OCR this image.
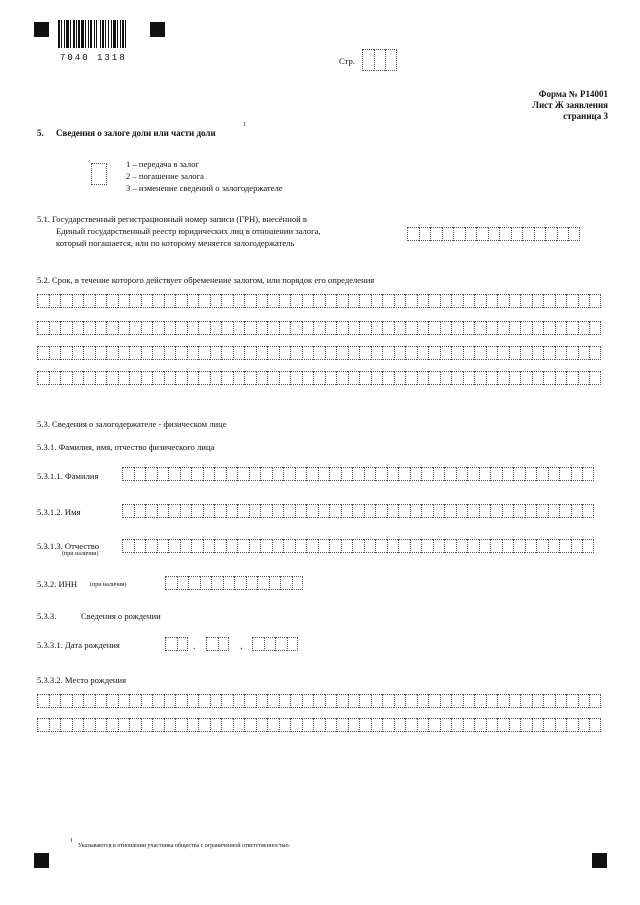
7040 1318	Стр.
Форма № Р14001
Лист Ж заявления
страница 3
5. Сведения о залоге доли или части доли
1
1 – передача в залог
2 – погашение залога
3 – изменение сведений о залогодержателе
5.1. Государственный регистрационный номер записи (ГРН), внесённой в
Единый государственный реестр юридических лиц в отношении залога,
который погашается, или по которому меняется залогодержатель
5.2. Срок, в течение которого действует обременение залогом, или порядок его определения
5.3. Сведения о залогодержателе - физическом лице
5.3.1. Фамилия, имя, отчество физического лица
5.3.1.1. Фамилия
5.3.1.2. Имя
5.3.1.3. Отчество
(при наличии)
5.3.2. ИНН (при наличии)
5.3.3.	Сведения о рождении
5.3.3.1. Дата рождения	.	.
5.3.3.2. Место рождения
1
Указываются в отношении участника общества с ограниченной ответственностью.
